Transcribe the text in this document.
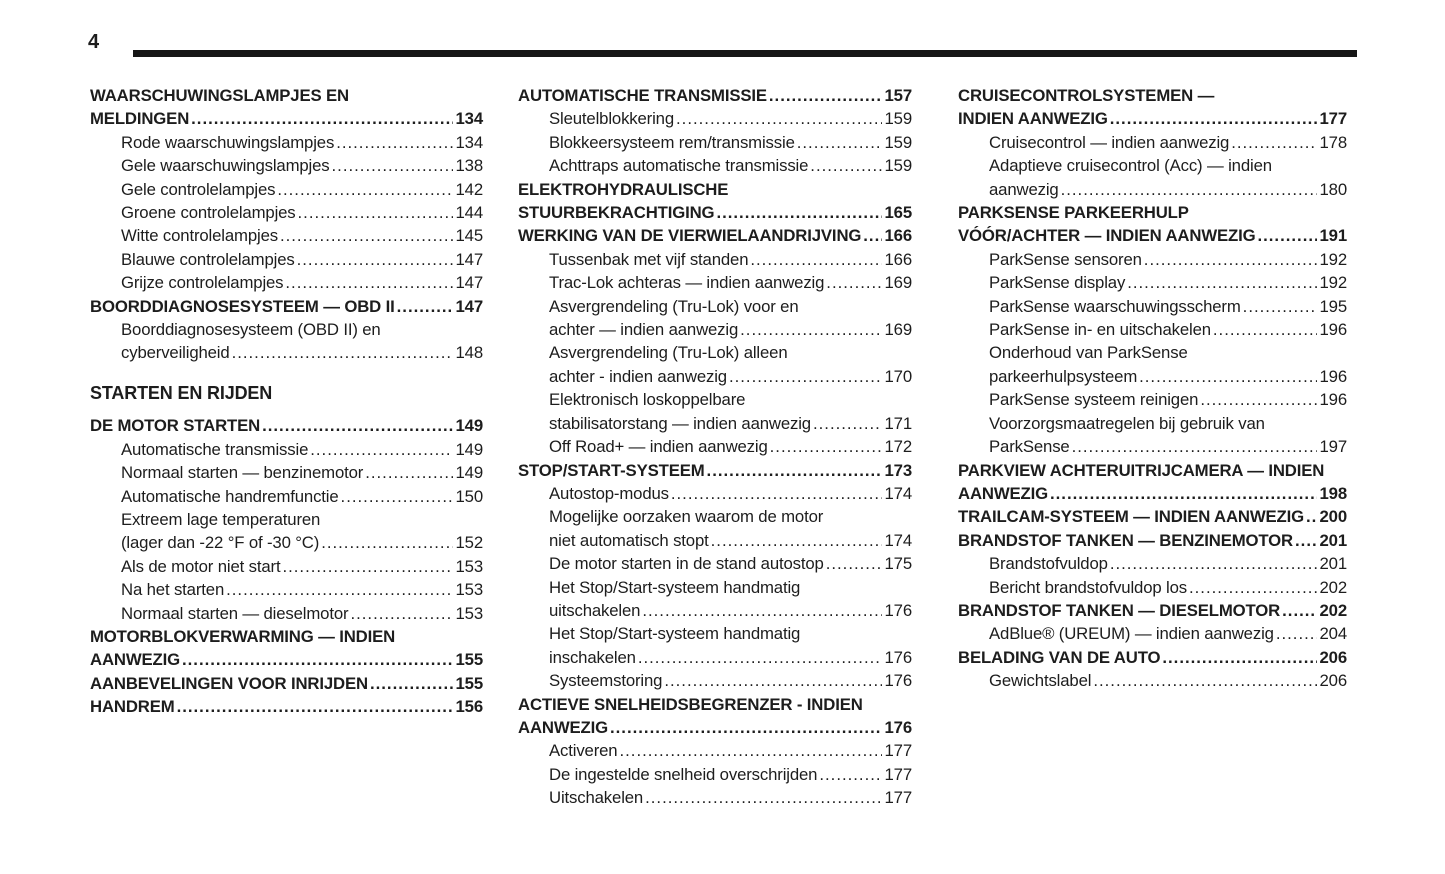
4
WAARSCHUWINGSLAMPJES EN
MELDINGEN .....	134
Rode waarschuwingslampjes .....	134
Gele waarschuwingslampjes .....	138
Gele controlelampjes .....	142
Groene controlelampjes .....	144
Witte controlelampjes .....	145
Blauwe controlelampjes .....	147
Grijze controlelampjes .....	147
BOORDDIAGNOSESYSTEEM — OBD II .....	147
Boorddiagnosesysteem (OBD II) en
cyberveiligheid .....	148
STARTEN EN RIJDEN
DE MOTOR STARTEN .....	149
Automatische transmissie .....	149
Normaal starten — benzinemotor .....	149
Automatische handremfunctie .....	150
Extreem lage temperaturen
(lager dan -22 °F of -30 °C) .....	152
Als de motor niet start .....	153
Na het starten .....	153
Normaal starten — dieselmotor .....	153
MOTORBLOKVERWARMING — INDIEN
AANWEZIG .....	155
AANBEVELINGEN VOOR INRIJDEN .....	155
HANDREM .....	156
AUTOMATISCHE TRANSMISSIE .....	157
Sleutelblokkering .....	159
Blokkeersysteem rem/transmissie .....	159
Achttraps automatische transmissie .....	159
ELEKTROHYDRAULISCHE
STUURBEKRACHTIGING .....	165
WERKING VAN DE VIERWIELAANDRIJVING ..... 166
Tussenbak met vijf standen .....	166
Trac-Lok achteras — indien aanwezig .....	169
Asvergrendeling (Tru-Lok) voor en
achter — indien aanwezig .....	169
Asvergrendeling (Tru-Lok) alleen
achter - indien aanwezig .....	170
Elektronisch loskoppelbare
stabilisatorstang — indien aanwezig .....	171
Off Road+ — indien aanwezig .....	172
STOP/START-SYSTEEM .....	173
Autostop-modus .....	174
Mogelijke oorzaken waarom de motor
niet automatisch stopt .....	174
De motor starten in de stand autostop .....	175
Het Stop/Start-systeem handmatig
uitschakelen .....	176
Het Stop/Start-systeem handmatig
inschakelen .....	176
Systeemstoring .....	176
ACTIEVE SNELHEIDSBEGRENZER - INDIEN
AANWEZIG .....	176
Activeren .....	177
De ingestelde snelheid overschrijden .....	177
Uitschakelen .....	177
CRUISECONTROLSYSTEMEN —
INDIEN AANWEZIG .....	177
Cruisecontrol — indien aanwezig .....	178
Adaptieve cruisecontrol (Acc) — indien
aanwezig .....	180
PARKSENSE PARKEERHULP
VÓÓR/ACHTER — INDIEN AANWEZIG .....	191
ParkSense sensoren .....	192
ParkSense display .....	192
ParkSense waarschuwingsscherm .....	195
ParkSense in- en uitschakelen .....	196
Onderhoud van ParkSense
parkeerhulpsysteem .....	196
ParkSense systeem reinigen .....	196
Voorzorgsmaatregelen bij gebruik van
ParkSense .....	197
PARKVIEW ACHTERUITRIJCAMERA — INDIEN
AANWEZIG .....	198
TRAILCAM-SYSTEEM — INDIEN AANWEZIG ..... 200
BRANDSTOF TANKEN — BENZINEMOTOR ..... 201
Brandstofvuldop .....	201
Bericht brandstofvuldop los .....	202
BRANDSTOF TANKEN — DIESELMOTOR ..... 202
AdBlue® (UREUM) — indien aanwezig .....	204
BELADING VAN DE AUTO .....	206
Gewichtslabel .....	206
